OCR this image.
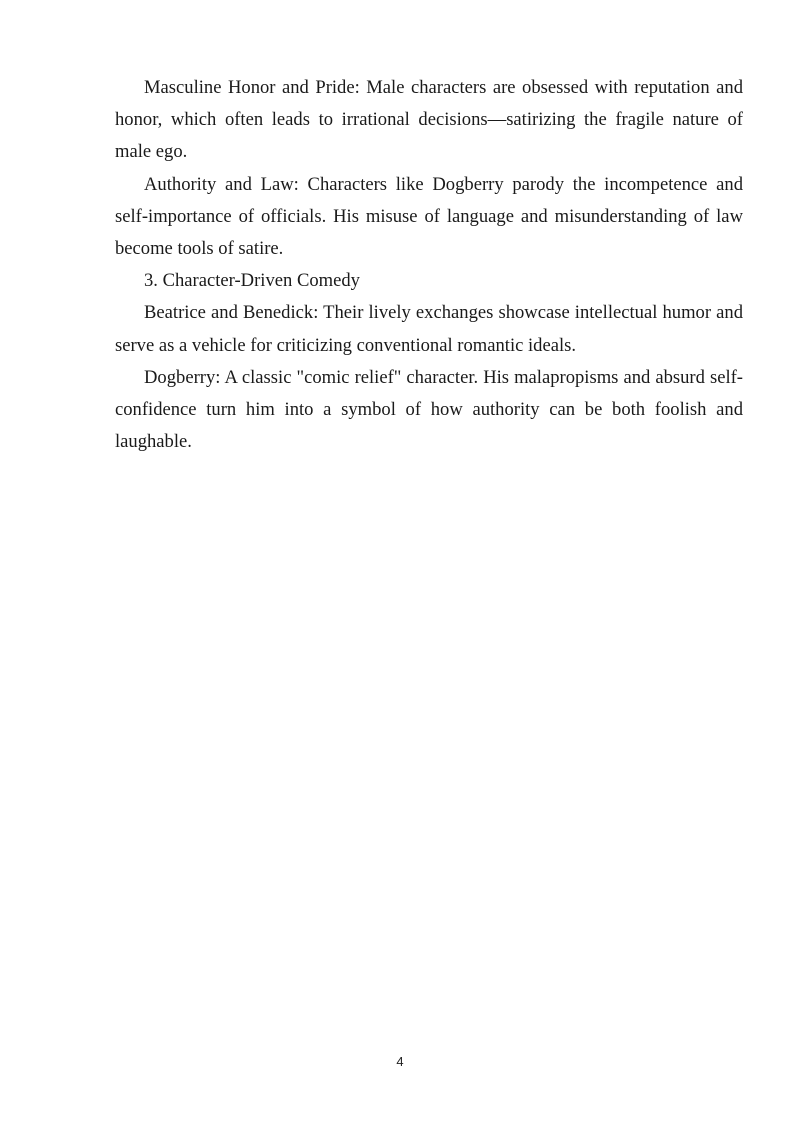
Masculine Honor and Pride: Male characters are obsessed with reputation and honor, which often leads to irrational decisions—satirizing the fragile nature of male ego.

Authority and Law: Characters like Dogberry parody the incompetence and self-importance of officials. His misuse of language and misunderstanding of law become tools of satire.

3. Character-Driven Comedy

Beatrice and Benedick: Their lively exchanges showcase intellectual humor and serve as a vehicle for criticizing conventional romantic ideals.

Dogberry: A classic "comic relief" character. His malapropisms and absurd self-confidence turn him into a symbol of how authority can be both foolish and laughable.

4
